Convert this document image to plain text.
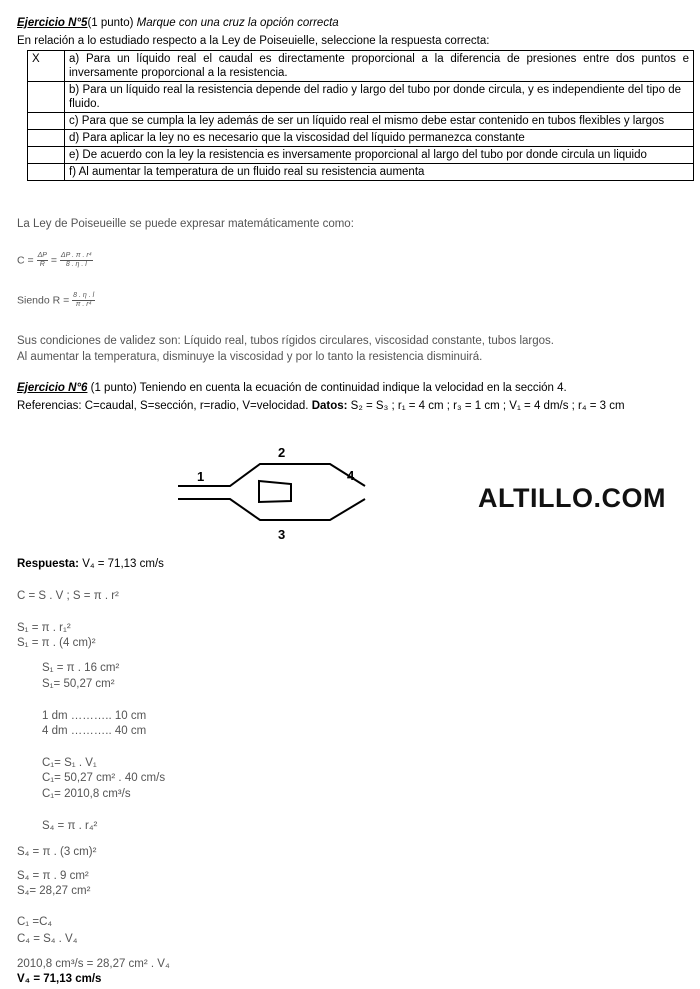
Ejercicio N°5(1 punto) Marque con una cruz la opción correcta
En relación a lo estudiado respecto a la Ley de Poiseuielle, seleccione la respuesta correcta:
X	a) Para un líquido real el caudal es directamente proporcional a la diferencia de presiones entre dos puntos e inversamente proporcional a la resistencia.
	b) Para un líquido real la resistencia depende del radio y largo del tubo por donde circula, y es independiente del tipo de fluido.
	c) Para que se cumpla la ley además de ser un líquido real el mismo debe estar contenido en tubos flexibles y largos
	d) Para aplicar la ley no es necesario que la viscosidad del líquido permanezca constante
	e) De acuerdo con la ley la resistencia es inversamente proporcional al largo del tubo por donde circula un liquido
	f) Al aumentar la temperatura de un fluido real su resistencia aumenta
La Ley de Poiseueille se puede expresar matemáticamente como:
$C = \frac{\Delta P}{R} = \frac{\text{ΔP . π . r⁴}}{8 . \eta . l}$
Siendo $R = \frac{8 . \eta . l}{\text{π . r⁴}}$
Sus condiciones de validez son: Líquido real, tubos rígidos circulares, viscosidad constante, tubos largos.
Al aumentar la temperatura, disminuye la viscosidad y por lo tanto la resistencia disminuirá.
Ejercicio N°6 (1 punto) Teniendo en cuenta la ecuación de continuidad indique la velocidad en la sección 4.
Referencias: C=caudal, S=sección, r=radio, V=velocidad. Datos: S₂ = S₃ ; r₁ = 4 cm ; r₃ = 1 cm ; V₁ = 4 dm/s ; r₄ = 3 cm
1
2
3
4
ALTILLO.COM
Respuesta: V₄ = 71,13 cm/s
C = S . V ; S = π . r²
S₁ = π . r₁²
S₁ = π . (4 cm)²
S₁ = π . 16 cm²
S₁= 50,27 cm²
1 dm ……….. 10 cm
4 dm ……….. 40 cm
C₁= S₁ . V₁
C₁= 50,27 cm² . 40 cm/s
C₁= 2010,8 cm³/s
S₄ = π . r₄²
S₄ = π . (3 cm)²
S₄ = π . 9 cm²
S₄= 28,27 cm²
C₁ =C₄
C₄ = S₄ . V₄
2010,8 cm³/s = 28,27 cm² . V₄
V₄ = 71,13 cm/s
